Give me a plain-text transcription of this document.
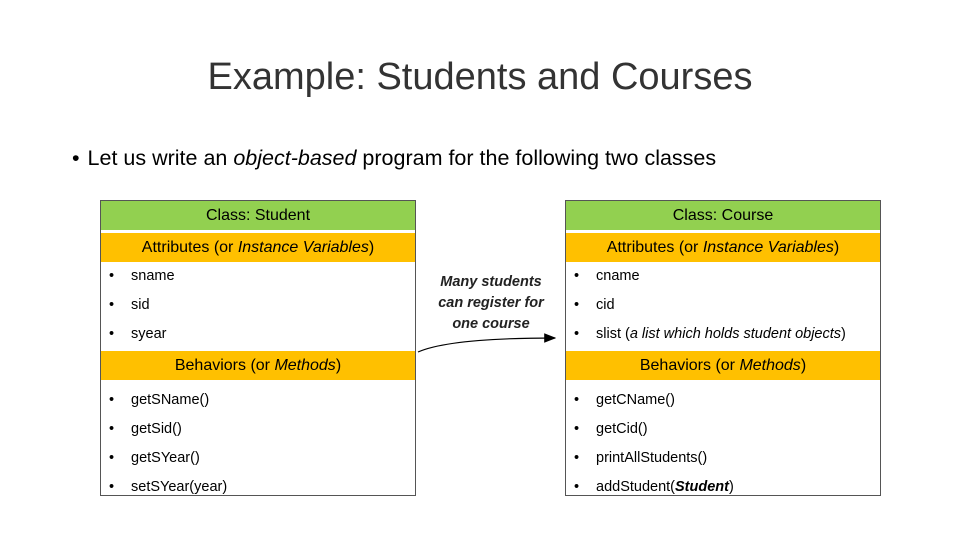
Example: Students and Courses
• Let us write an object-based program for the following two classes
Class: Student
Attributes (or Instance Variables)
• sname
• sid
• syear
Behaviors (or Methods)
• getSName()
• getSid()
• getSYear()
• setSYear(year)
Class: Course
Attributes (or Instance Variables)
• cname
• cid
• slist (a list which holds student objects)
Behaviors (or Methods)
• getCName()
• getCid()
• printAllStudents()
• addStudent(Student)
Many students
can register for
one course
